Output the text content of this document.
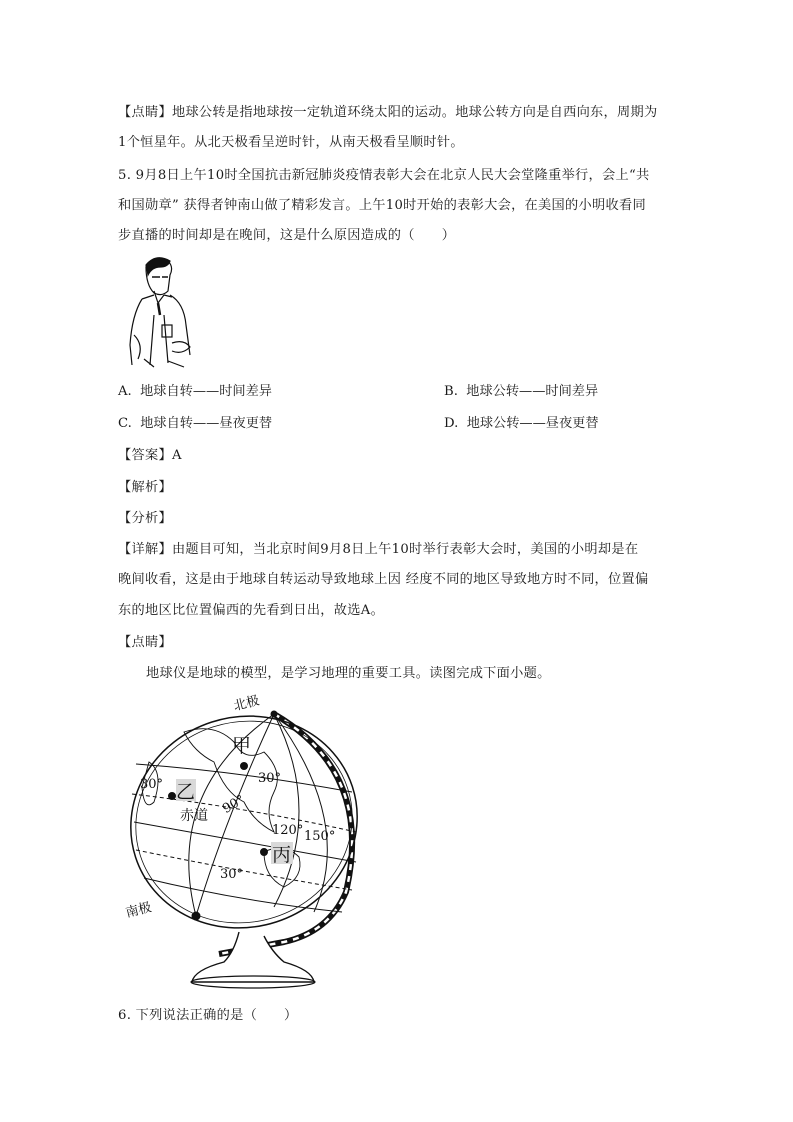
【点睛】地球公转是指地球按一定轨道环绕太阳的运动。地球公转方向是自西向东，周期为
1个恒星年。从北天极看呈逆时针，从南天极看呈顺时针。
5. 9月8日上午10时全国抗击新冠肺炎疫情表彰大会在北京人民大会堂隆重举行，会上“共
和国勋章” 获得者钟南山做了精彩发言。上午10时开始的表彰大会，在美国的小明收看同
步直播的时间却是在晚间，这是什么原因造成的（　　）
A. 地球自转——时间差异	B. 地球公转——时间差异
C. 地球自转——昼夜更替	D. 地球公转——昼夜更替
【答案】A
【解析】
【分析】
【详解】由题目可知，当北京时间9月8日上午10时举行表彰大会时，美国的小明却是在
晚间收看，这是由于地球自转运动导致地球上因 经度不同的地区导致地方时不同，位置偏
东的地区比位置偏西的先看到日出，故选A。
【点睛】
地球仪是地球的模型，是学习地理的重要工具。读图完成下面小题。
甲
乙
丙
北极
南极
赤道
30°	30°
30°
90°
120° 150°
6. 下列说法正确的是（　　）
